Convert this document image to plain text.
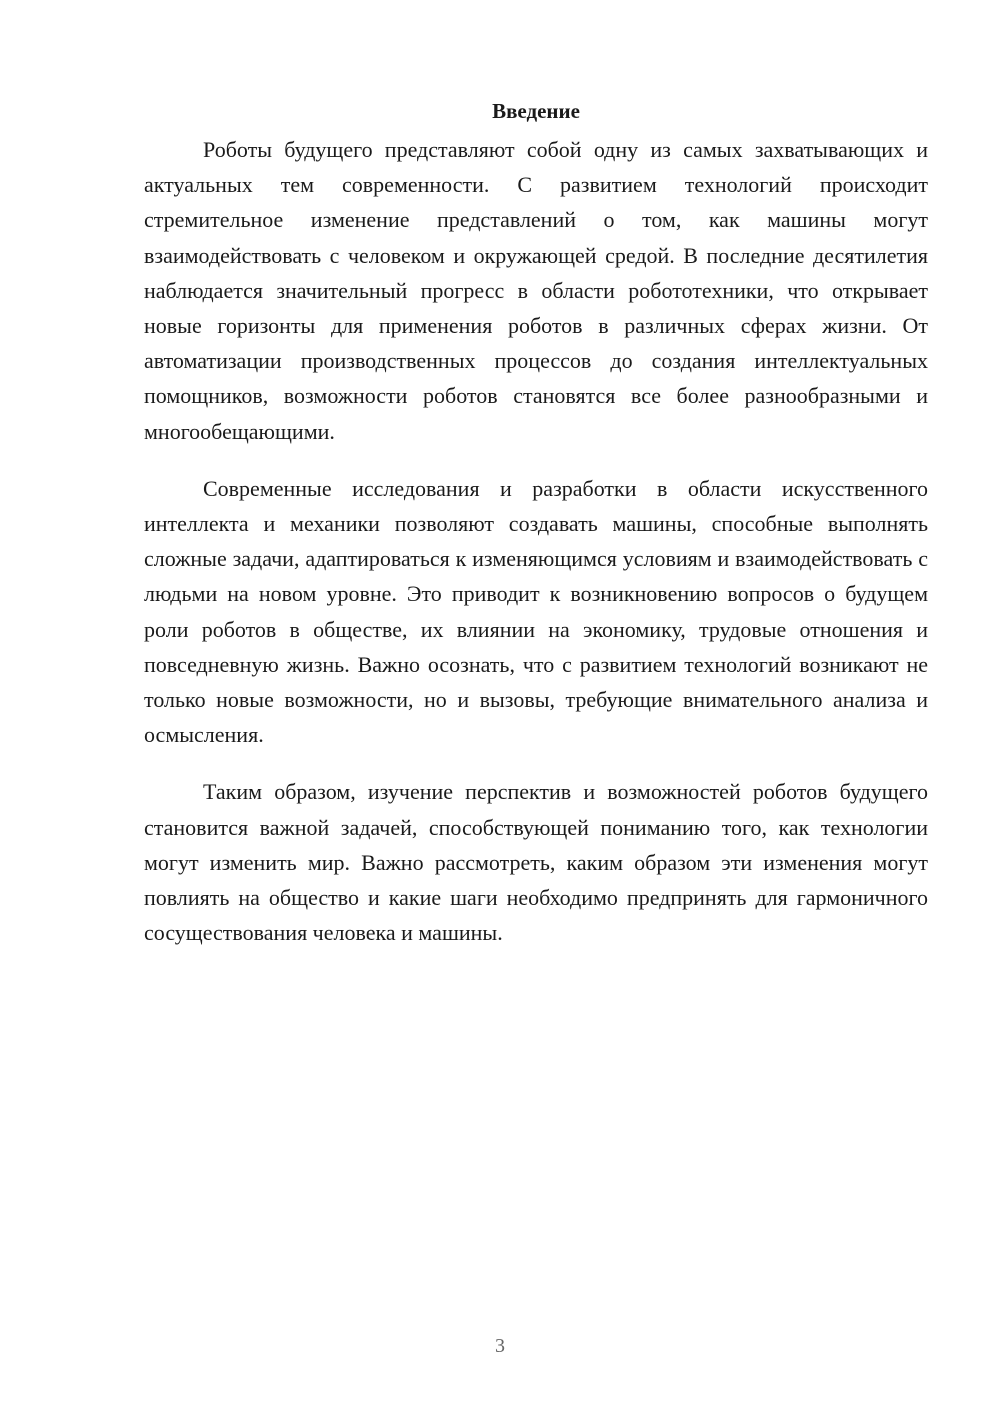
Введение

Роботы будущего представляют собой одну из самых захватывающих и актуальных тем современности. С развитием технологий происходит стремительное изменение представлений о том, как машины могут взаимодействовать с человеком и окружающей средой. В последние десятилетия наблюдается значительный прогресс в области робототехники, что открывает новые горизонты для применения роботов в различных сферах жизни. От автоматизации производственных процессов до создания интеллектуальных помощников, возможности роботов становятся все более разнообразными и многообещающими.

Современные исследования и разработки в области искусственного интеллекта и механики позволяют создавать машины, способные выполнять сложные задачи, адаптироваться к изменяющимся условиям и взаимодействовать с людьми на новом уровне. Это приводит к возникновению вопросов о будущем роли роботов в обществе, их влиянии на экономику, трудовые отношения и повседневную жизнь. Важно осознать, что с развитием технологий возникают не только новые возможности, но и вызовы, требующие внимательного анализа и осмысления.

Таким образом, изучение перспектив и возможностей роботов будущего становится важной задачей, способствующей пониманию того, как технологии могут изменить мир. Важно рассмотреть, каким образом эти изменения могут повлиять на общество и какие шаги необходимо предпринять для гармоничного сосуществования человека и машины.

3
